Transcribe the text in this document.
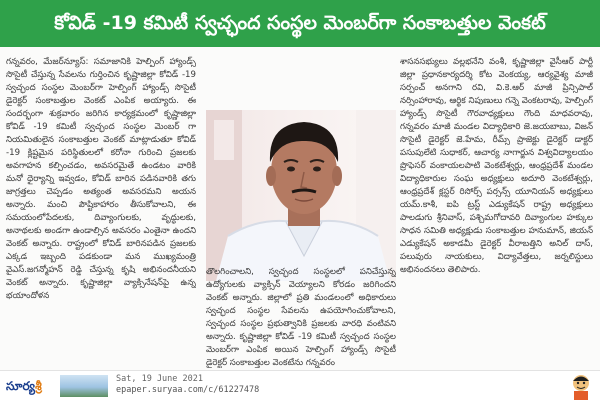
కోవిడ్ -19 కమిటీ స్వచ్ఛంద సంస్థల మెంబర్‌గా సంకాబత్తుల వెంకట్

గన్నవరం, మేజర్‌న్యూస్: సమాజానికి హెల్పింగ్ హ్యాండ్స్ సొసైటీ చేస్తున్న సేవలను గుర్తించిన కృష్ణాజిల్లా కోవిడ్ -19 స్వచ్ఛంద సంస్థల మెంబర్‌గా హెల్పింగ్ హ్యాండ్స్ సొసైటీ డైరెక్టర్ సంకాబత్తుల వెంకట్ ఎంపిక అయ్యారు. ఈ సందర్భంగా శుక్రవారం జరిగిన కార్యక్రమంలో కృష్ణాజిల్లా కోవిడ్ -19 కమిటీ స్వచ్ఛంద సంస్థల మెంబర్ గా నియమితులైన సంకాబత్తుల వెంకట్ మాట్లాడుతూ కోవిడ్ -19 క్లిష్టమైన పరిస్థితులలో కరోనా గురించి ప్రజలకు అవగాహన కల్పించడం, అవసరమైతే ఉండటం వారికి మనో ధైర్యాన్ని ఇవ్వడం, కోవిడ్ బారిన పడినవారికి తగు జాగ్రత్తలు చెప్పడం అత్యంత అవసరమని అయన అన్నారు. మంచి పౌష్టికాహారం తీసుకోవాలని, ఈ సమయంలోపేదలకు, దివ్యాంగులకు, వృద్ధులకు, అనాథలకు అండగా ఉండాల్సిన అవసరం ఎంతైనా ఉందని వెంకట్ అన్నారు. రాష్ట్రంలో కోవిడ్ బారినపడిన ప్రజలకు ఎక్కడ ఇబ్బంది పడకుండా మన ముఖ్యమంత్రి వైఎస్.జగన్మోహన్ రెడ్డి చేస్తున్న కృషి అభినందనీయని వెంకట్ అన్నారు. కృష్ణాజిల్లా వ్యాక్సినేషన్‌పై ఉన్న భయాందోళన

తొలగించాలని, స్వచ్ఛంద సంస్థలలో పనిచేస్తున్న ఉద్యోగులకు వ్యాక్సిన్ వెయ్యాలని కోరడం జరిగిందని వెంకట్ అన్నారు. జిల్లాలో ప్రతి మండలంలో అధికారులు స్వచ్ఛంద సంస్థల సేవలను ఉపయోగించుకోవాలని, స్వచ్ఛంద సంస్థల ప్రభుత్వానికి ప్రజలకు వారధి వంటివని అన్నారు. కృష్ణాజిల్లా కోవిడ్ -19 కమిటీ స్వచ్ఛంద సంస్థల మెంబర్‌గా ఎంపిక అయిన హెల్పింగ్ హ్యాండ్స్ సొసైటీ డైరెక్టర్ సంకాబత్తుల వెంకటేను గన్నవరం

శాసనసభ్యులు వల్లభనేని వంశీ, కృష్ణాజిల్లా వైసీఆర్ పార్టీ జిల్లా ప్రధానకార్యదర్శి కోట వెంకయ్య, ఆర్యవైశ్య మాజీ సర్పంచ్ అనగాని రవి, వి.కె.ఆర్ మాజీ ప్రిన్సిపాల్ నర్సింహారావు, ఆర్థిక నిపుణులు గన్నె వెంకటరావు, హెల్పింగ్ హ్యాండ్స్ సొసైటీ గౌరవాధ్యక్షులు గౌంది మాధవరావు, గన్నవరం మాజీ మండల విద్యాధికారి జె.జయబాబు, విజన్ సొసైటీ డైరెక్టర్ జె.హేమ, రీమ్స్ ప్రాజెక్టు డైరెక్టర్ డాక్టర్ పసుపులేటి సుధాకర్, ఆచార్య నాగార్జున విశ్వవిద్యాలయం ప్రొఫెసర్ వంకాయలపాటి వెంకటేశ్వర్లు, ఆంధ్రప్రదేశ్ మండల విద్యాధికారుల సంఘ అధ్యక్షులు అదూరి వెంకటేశ్వర్లు, ఆంధ్రప్రదేశ్ క్లస్టర్ రిసోర్స్ పర్సన్స్ యూనియన్ అధ్యక్షులు యమ్.కాశీ, ఐపి ట్రస్ట్ ఎడ్యుకేషన్ రాష్ట్ర అధ్యక్షులు పాలడుగు శ్రీనివాస్, పశ్చిమగోదావరి దివ్యాంగుల హక్కుల సాధన సమితి అధ్యక్షుడు సంకాబత్తుల హనుమాన్, జియన్ ఎడ్యుకేషన్ అకాడమీ డైరెక్టర్ వీరాబత్తిని అనిల్ దాస్, పలువురు నాయకులు, విద్యావేత్తలు, జర్నలిస్టులు అభినందనలు తెలిపారు.

సూర్యశ్రీ	Sat, 19 June 2021
epaper.suryaa.com/c/61227478
